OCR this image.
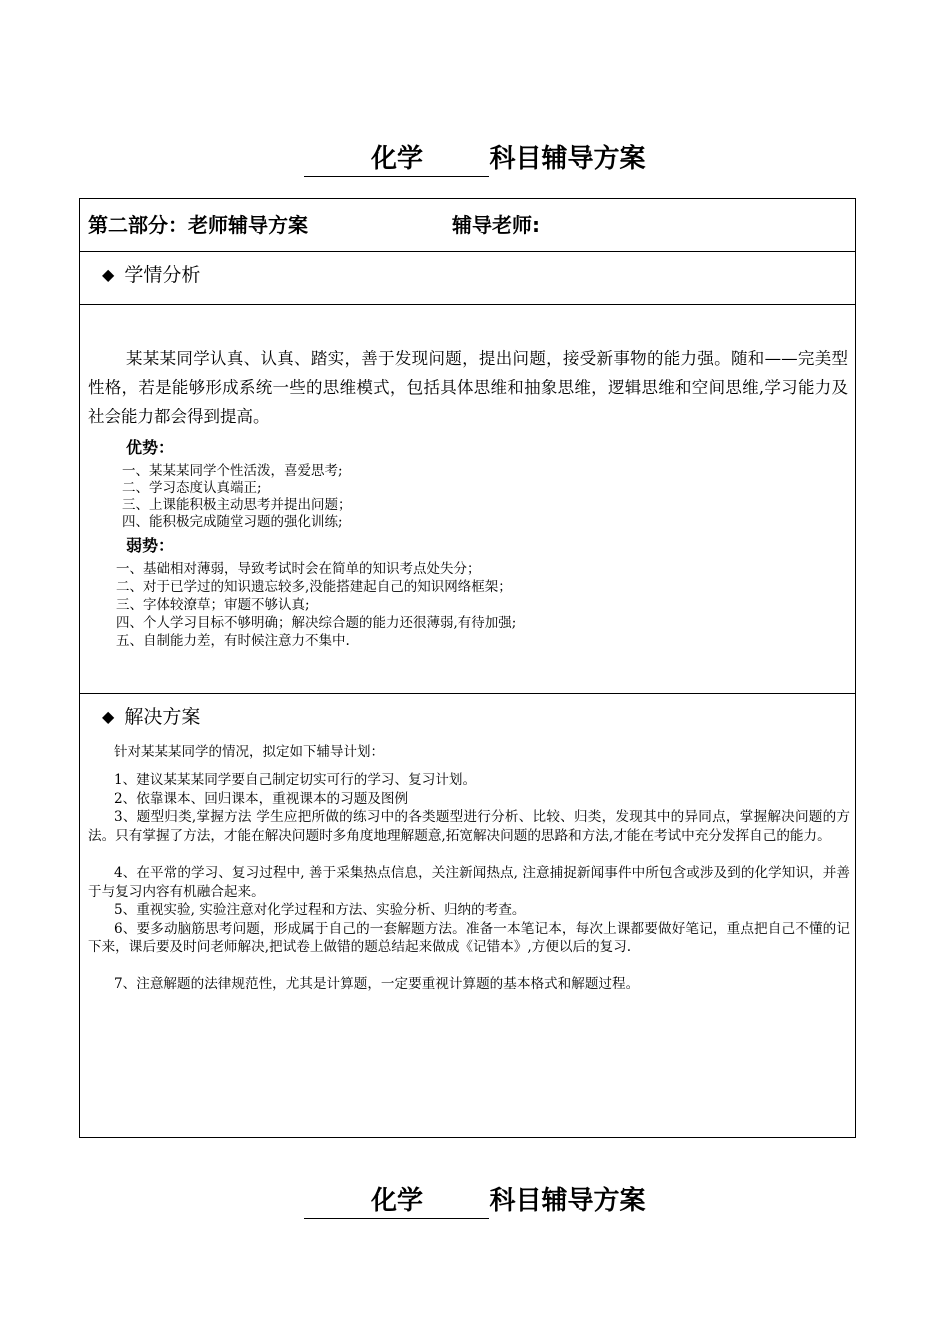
化学	科目辅导方案
第二部分：老师辅导方案	辅导老师:
◆ 学情分析
某某某同学认真、认真、踏实，善于发现问题，提出问题，接受新事物的能力强。随和——完美型性格，若是能够形成系统一些的思维模式，包括具体思维和抽象思维，逻辑思维和空间思维,学习能力及社会能力都会得到提高。
优势：
一、某某某同学个性活泼，喜爱思考;
二、学习态度认真端正;
三、上课能积极主动思考并提出问题；
四、能积极完成随堂习题的强化训练;
弱势：
一、基础相对薄弱，导致考试时会在简单的知识考点处失分；
二、对于已学过的知识遗忘较多,没能搭建起自己的知识网络框架；
三、字体较潦草；审题不够认真;
四、个人学习目标不够明确；解决综合题的能力还很薄弱,有待加强;
五、自制能力差，有时候注意力不集中.
◆ 解决方案
针对某某某同学的情况，拟定如下辅导计划：
1、建议某某某同学要自己制定切实可行的学习、复习计划。
2、依靠课本、回归课本，重视课本的习题及图例
3、题型归类,掌握方法 学生应把所做的练习中的各类题型进行分析、比较、归类，发现其中的异同点，掌握解决问题的方法。只有掌握了方法，才能在解决问题时多角度地理解题意,拓宽解决问题的思路和方法,才能在考试中充分发挥自己的能力。
4、在平常的学习、复习过程中, 善于采集热点信息，关注新闻热点, 注意捕捉新闻事件中所包含或涉及到的化学知识，并善于与复习内容有机融合起来。
5、重视实验, 实验注意对化学过程和方法、实验分析、归纳的考查。
6、要多动脑筋思考问题，形成属于自己的一套解题方法。准备一本笔记本，每次上课都要做好笔记，重点把自己不懂的记下来，课后要及时问老师解决,把试卷上做错的题总结起来做成《记错本》,方便以后的复习.
7、注意解题的法律规范性，尤其是计算题，一定要重视计算题的基本格式和解题过程。
化学	科目辅导方案
